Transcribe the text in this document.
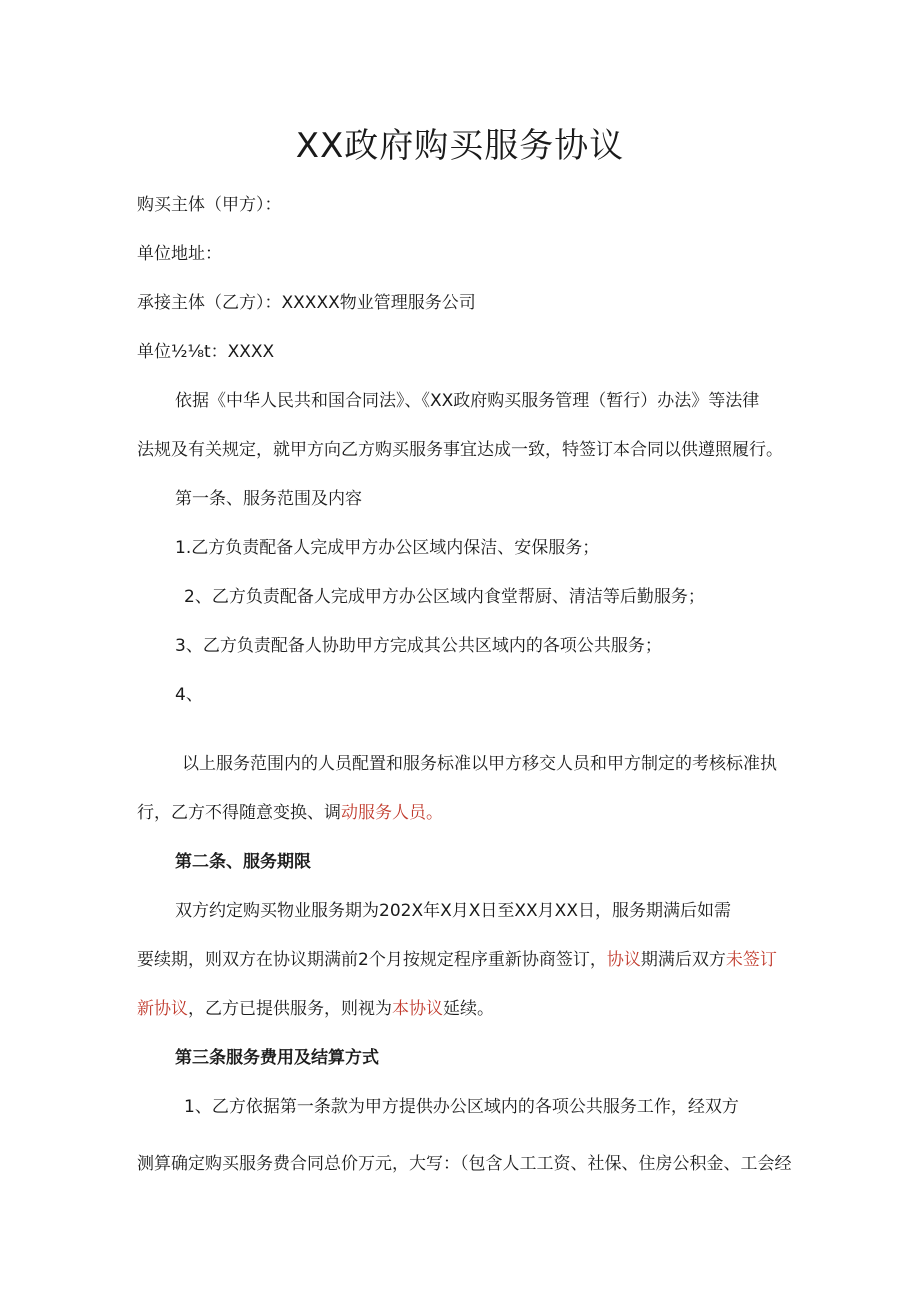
XX政府购买服务协议
购买主体（甲方）：
单位地址：
承接主体（乙方）：XXXXX物业管理服务公司
单位½⅛t：XXXX
依据《中华人民共和国合同法》、《XX政府购买服务管理（暂行）办法》等法律
法规及有关规定，就甲方向乙方购买服务事宜达成一致，特签订本合同以供遵照履行。
第一条、服务范围及内容
1.乙方负责配备人完成甲方办公区域内保洁、安保服务；
2、乙方负责配备人完成甲方办公区域内食堂帮厨、清洁等后勤服务；
3、乙方负责配备人协助甲方完成其公共区域内的各项公共服务；
4、
以上服务范围内的人员配置和服务标准以甲方移交人员和甲方制定的考核标准执
行，乙方不得随意变换、调动服务人员。
第二条、服务期限
双方约定购买物业服务期为202X年X月X日至XX月XX日，服务期满后如需
要续期，则双方在协议期满前2个月按规定程序重新协商签订，协议期满后双方未签订
新协议，乙方已提供服务，则视为本协议延续。
第三条服务费用及结算方式
1、乙方依据第一条款为甲方提供办公区域内的各项公共服务工作，经双方
测算确定购买服务费合同总价万元，大写：（包含人工工资、社保、住房公积金、工会经
